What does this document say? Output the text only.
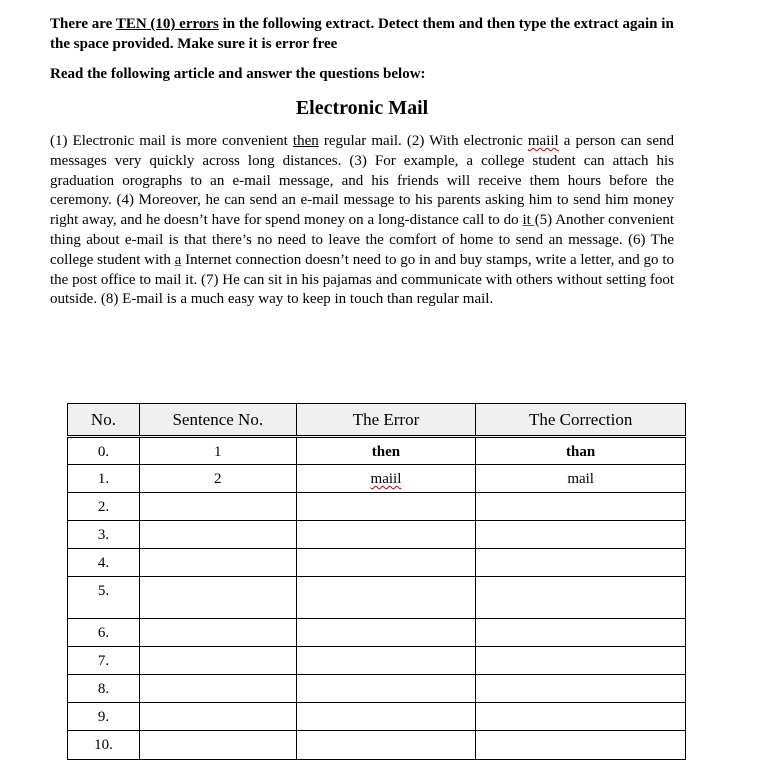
There are TEN (10) errors in the following extract. Detect them and then type the extract again in the space provided. Make sure it is error free
Read the following article and answer the questions below:
Electronic Mail

(1) Electronic mail is more convenient then regular mail. (2) With electronic maiil a person can send messages very quickly across long distances. (3) For example, a college student can attach his graduation orographs to an e-mail message, and his friends will receive them hours before the ceremony. (4) Moreover, he can send an e-mail message to his parents asking him to send him money right away, and he doesn’t have for spend money on a long-distance call to do it (5) Another convenient thing about e-mail is that there’s no need to leave the comfort of home to send an message. (6) The college student with a Internet connection doesn’t need to go in and buy stamps, write a letter, and go to the post office to mail it. (7) He can sit in his pajamas and communicate with others without setting foot outside. (8) E-mail is a much easy way to keep in touch than regular mail.

No.	Sentence No.	The Error	The Correction
0.	1	then	than
1.	2	maiil	mail
2.			
3.			
4.			
5.			
6.			
7.			
8.			
9.			
10.			
